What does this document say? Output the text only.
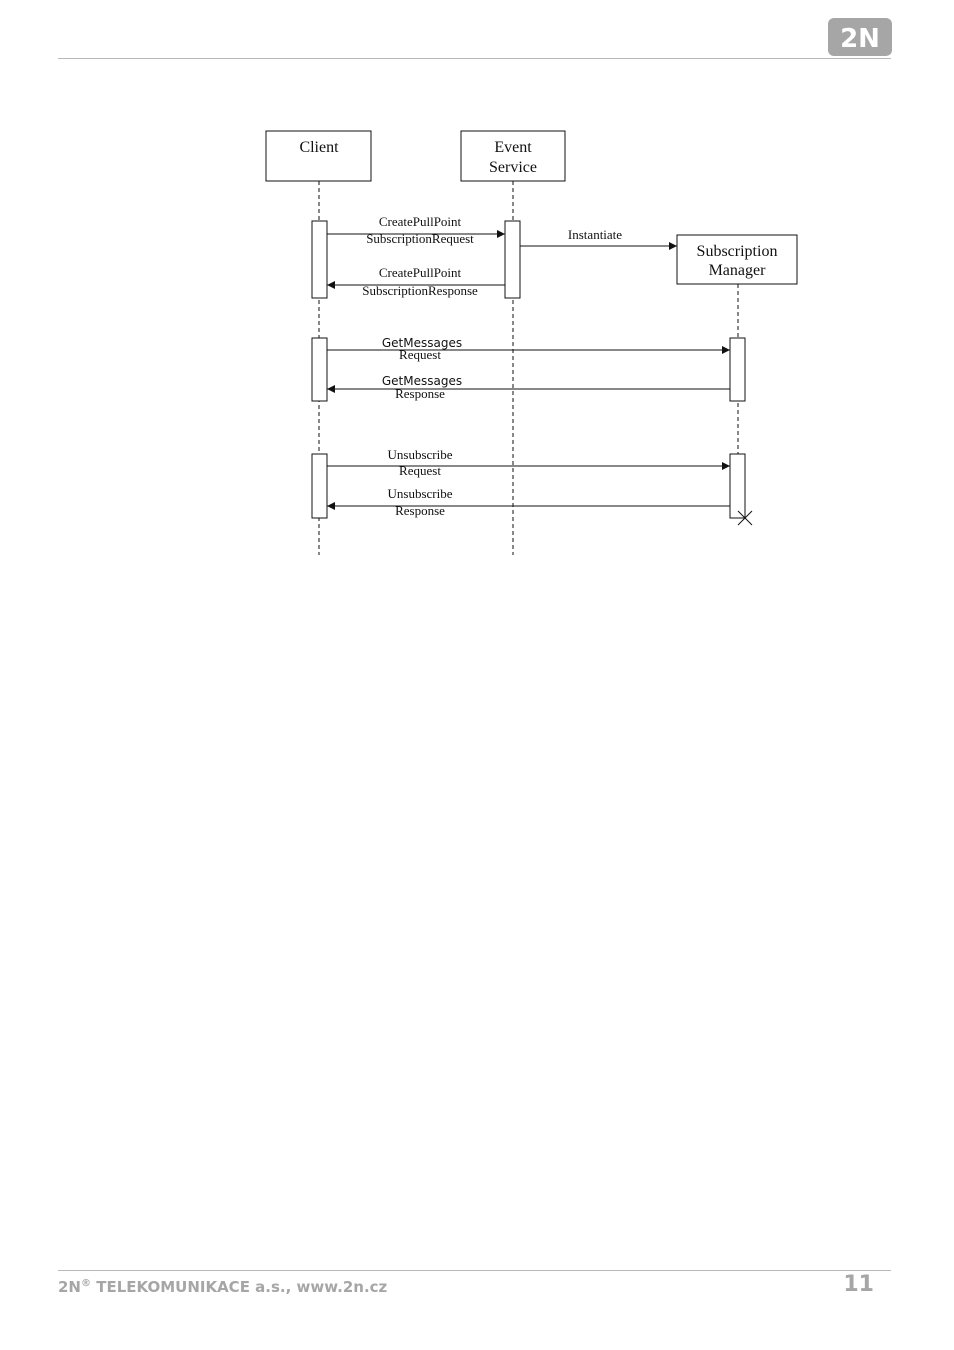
2N
Client	Event
Service
Subscription
Manager
CreatePullPoint
SubscriptionRequest	Instantiate
CreatePullPoint
SubscriptionResponse
GetMessages
Request
GetMessages
Response
Unsubscribe
Request
Unsubscribe
Response
2N® TELEKOMUNIKACE a.s., www.2n.cz	11
